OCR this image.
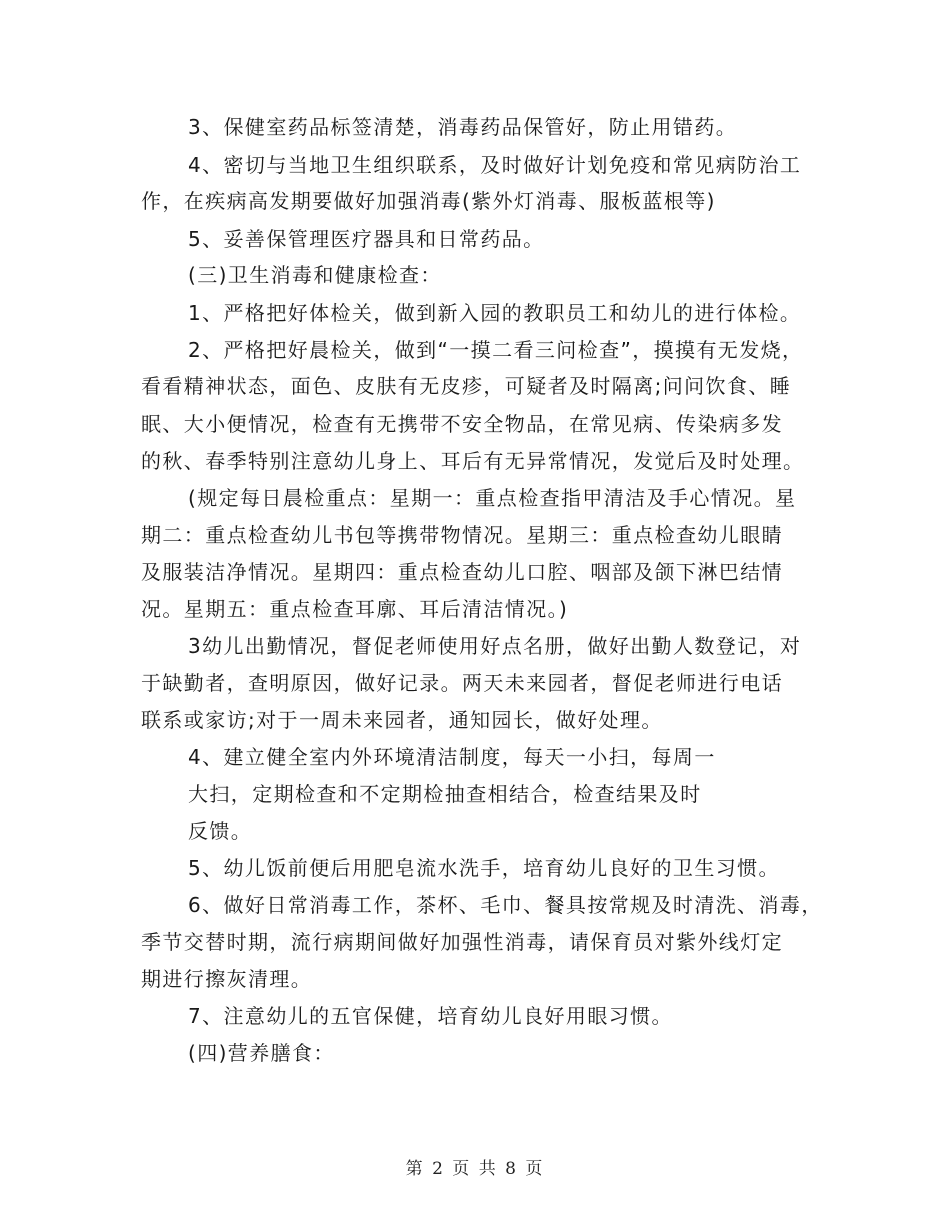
3、保健室药品标签清楚，消毒药品保管好，防止用错药。
4、密切与当地卫生组织联系，及时做好计划免疫和常见病防治工
作，在疾病高发期要做好加强消毒(紫外灯消毒、服板蓝根等)
5、妥善保管理医疗器具和日常药品。
(三)卫生消毒和健康检查：
1、严格把好体检关，做到新入园的教职员工和幼儿的进行体检。
2、严格把好晨检关，做到“一摸二看三问检查”，摸摸有无发烧，
看看精神状态，面色、皮肤有无皮疹，可疑者及时隔离;问问饮食、睡
眠、大小便情况，检查有无携带不安全物品，在常见病、传染病多发
的秋、春季特别注意幼儿身上、耳后有无异常情况，发觉后及时处理。
(规定每日晨检重点：星期一：重点检查指甲清洁及手心情况。星
期二：重点检查幼儿书包等携带物情况。星期三：重点检查幼儿眼睛
及服装洁净情况。星期四：重点检查幼儿口腔、咽部及颌下淋巴结情
况。星期五：重点检查耳廓、耳后清洁情况。)
3幼儿出勤情况，督促老师使用好点名册，做好出勤人数登记，对
于缺勤者，查明原因，做好记录。两天未来园者，督促老师进行电话
联系或家访;对于一周未来园者，通知园长，做好处理。
4、建立健全室内外环境清洁制度，每天一小扫，每周一
大扫，定期检查和不定期检抽查相结合，检查结果及时
反馈。
5、幼儿饭前便后用肥皂流水洗手，培育幼儿良好的卫生习惯。
6、做好日常消毒工作，茶杯、毛巾、餐具按常规及时清洗、消毒，
季节交替时期，流行病期间做好加强性消毒，请保育员对紫外线灯定
期进行擦灰清理。
7、注意幼儿的五官保健，培育幼儿良好用眼习惯。
(四)营养膳食：
第 2 页 共 8 页
